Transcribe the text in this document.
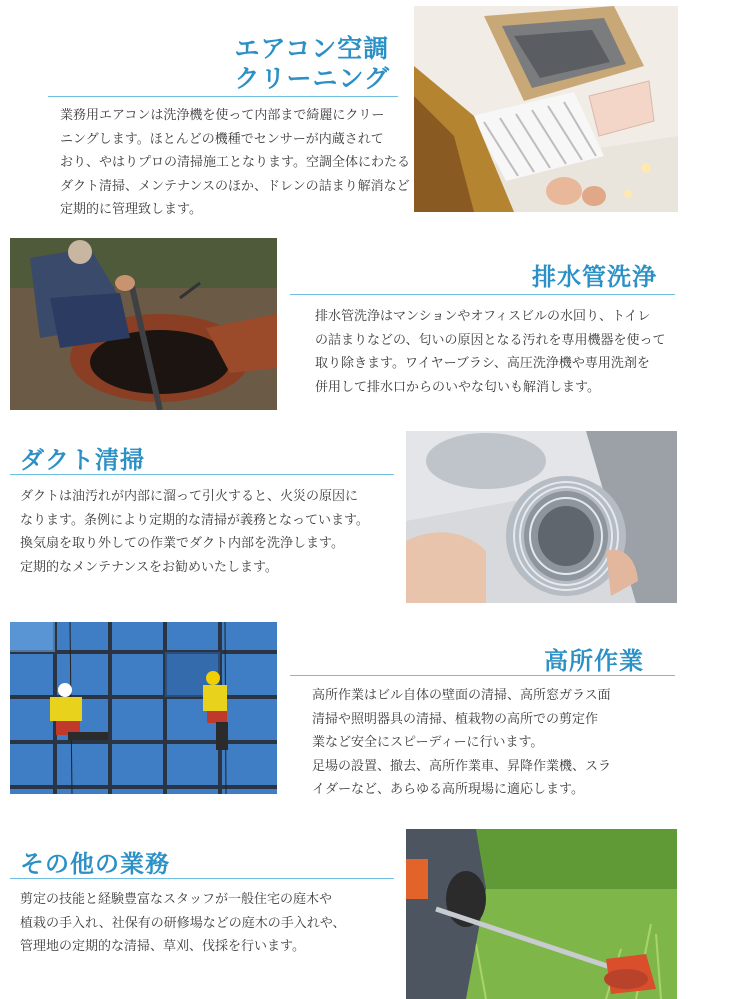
エアコン空調
クリーニング

業務用エアコンは洗浄機を使って内部まで綺麗にクリー

ニングします。ほとんどの機種でセンサーが内蔵されて

おり、やはりプロの清掃施工となります。空調全体にわたる

ダクト清掃、メンテナンスのほか、ドレンの詰まり解消など

定期的に管理致します。

排水管洗浄

排水管洗浄はマンションやオフィスビルの水回り、トイレ

の詰まりなどの、匂いの原因となる汚れを専用機器を使って

取り除きます。ワイヤーブラシ、高圧洗浄機や専用洗剤を

併用して排水口からのいやな匂いも解消します。

ダクト清掃

ダクトは油汚れが内部に溜って引火すると、火災の原因に

なります。条例により定期的な清掃が義務となっています。

換気扇を取り外しての作業でダクト内部を洗浄します。

定期的なメンテナンスをお勧めいたします。

高所作業

高所作業はビル自体の壁面の清掃、高所窓ガラス面

清掃や照明器具の清掃、植栽物の高所での剪定作

業など安全にスピーディーに行います。

足場の設置、撤去、高所作業車、昇降作業機、スラ

イダーなど、あらゆる高所現場に適応します。

その他の業務

剪定の技能と経験豊富なスタッフが一般住宅の庭木や

植栽の手入れ、社保有の研修場などの庭木の手入れや、

管理地の定期的な清掃、草刈、伐採を行います。
